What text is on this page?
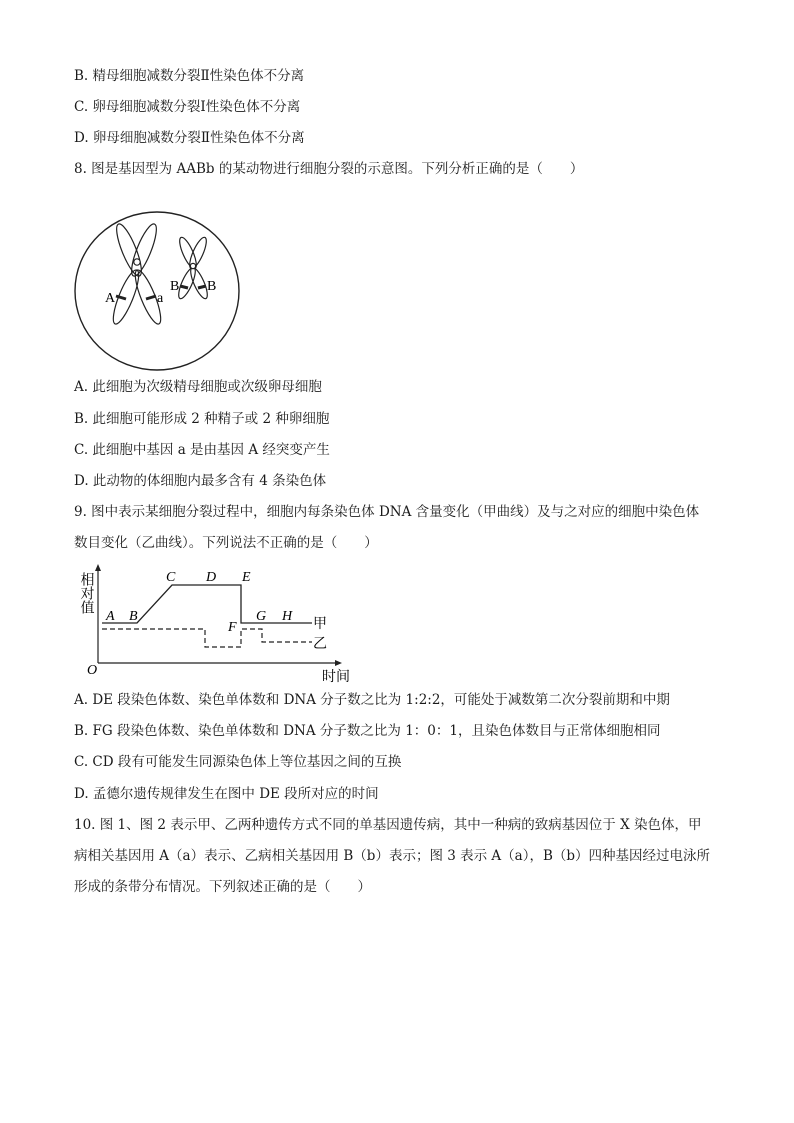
B. 精母细胞减数分裂Ⅱ性染色体不分离
C. 卵母细胞减数分裂Ⅰ性染色体不分离
D. 卵母细胞减数分裂Ⅱ性染色体不分离
8. 图是基因型为 AABb 的某动物进行细胞分裂的示意图。下列分析正确的是（　　）
A	a
B B
A. 此细胞为次级精母细胞或次级卵母细胞
B. 此细胞可能形成 2 种精子或 2 种卵细胞
C. 此细胞中基因 a 是由基因 A 经突变产生
D. 此动物的体细胞内最多含有 4 条染色体
9. 图中表示某细胞分裂过程中，细胞内每条染色体 DNA 含量变化（甲曲线）及与之对应的细胞中染色体
数目变化（乙曲线）。下列说法不正确的是（　　）
相对值
时间
O
A B
C D E
F
G H
甲
乙
A. DE 段染色体数、染色单体数和 DNA 分子数之比为 1:2:2，可能处于减数第二次分裂前期和中期
B. FG 段染色体数、染色单体数和 DNA 分子数之比为 1：0：1，且染色体数目与正常体细胞相同
C. CD 段有可能发生同源染色体上等位基因之间的互换
D. 孟德尔遗传规律发生在图中 DE 段所对应的时间
10. 图 1、图 2 表示甲、乙两种遗传方式不同的单基因遗传病，其中一种病的致病基因位于 X 染色体，甲
病相关基因用 A（a）表示、乙病相关基因用 B（b）表示；图 3 表示 A（a），B（b）四种基因经过电泳所
形成的条带分布情况。下列叙述正确的是（　　）
